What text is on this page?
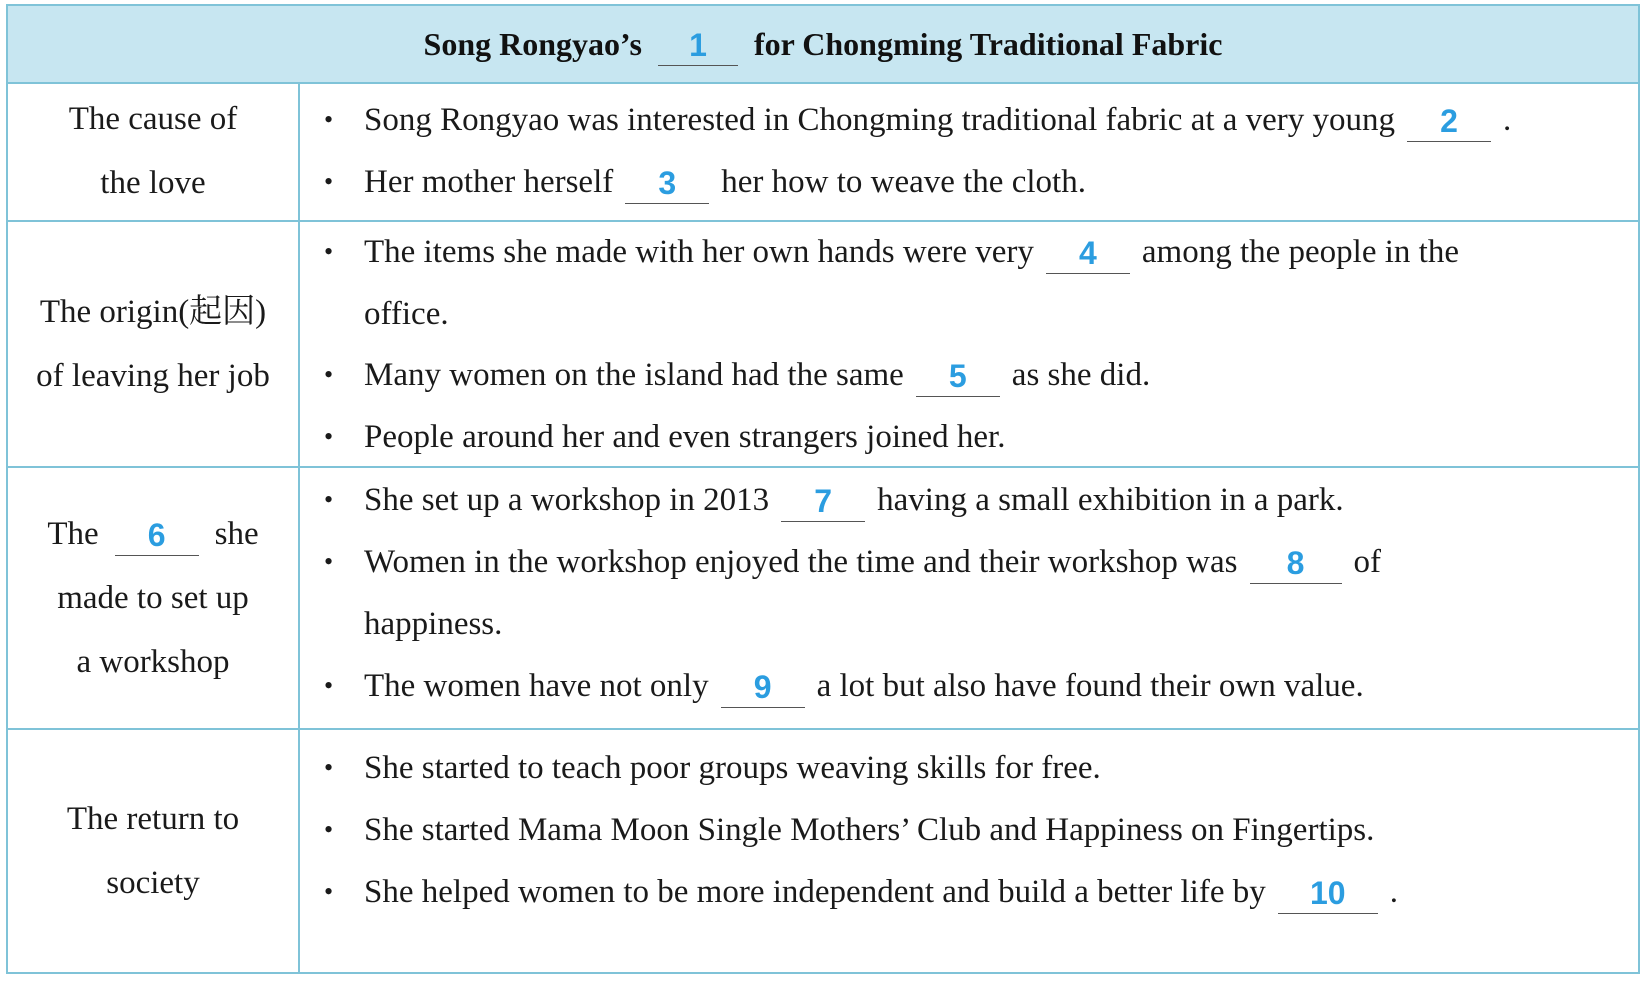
Song Rongyao’s	1	for Chongming Traditional Fabric
The cause of
the love
• Song Rongyao was interested in Chongming traditional fabric at a very young	2	.
• Her mother herself	3	her how to weave the cloth.
The origin(起因)
of leaving her job
• The items she made with her own hands were very	4	among the people in the
office.
• Many women on the island had the same	5	as she did.
• People around her and even strangers joined her.
The	6	she
made to set up
a workshop
• She set up a workshop in 2013	7	having a small exhibition in a park.
• Women in the workshop enjoyed the time and their workshop was	8	of
happiness.
• The women have not only	9	a lot but also have found their own value.
The return to
society
• She started to teach poor groups weaving skills for free.
• She started Mama Moon Single Mothers’ Club and Happiness on Fingertips.
• She helped women to be more independent and build a better life by	10	.
